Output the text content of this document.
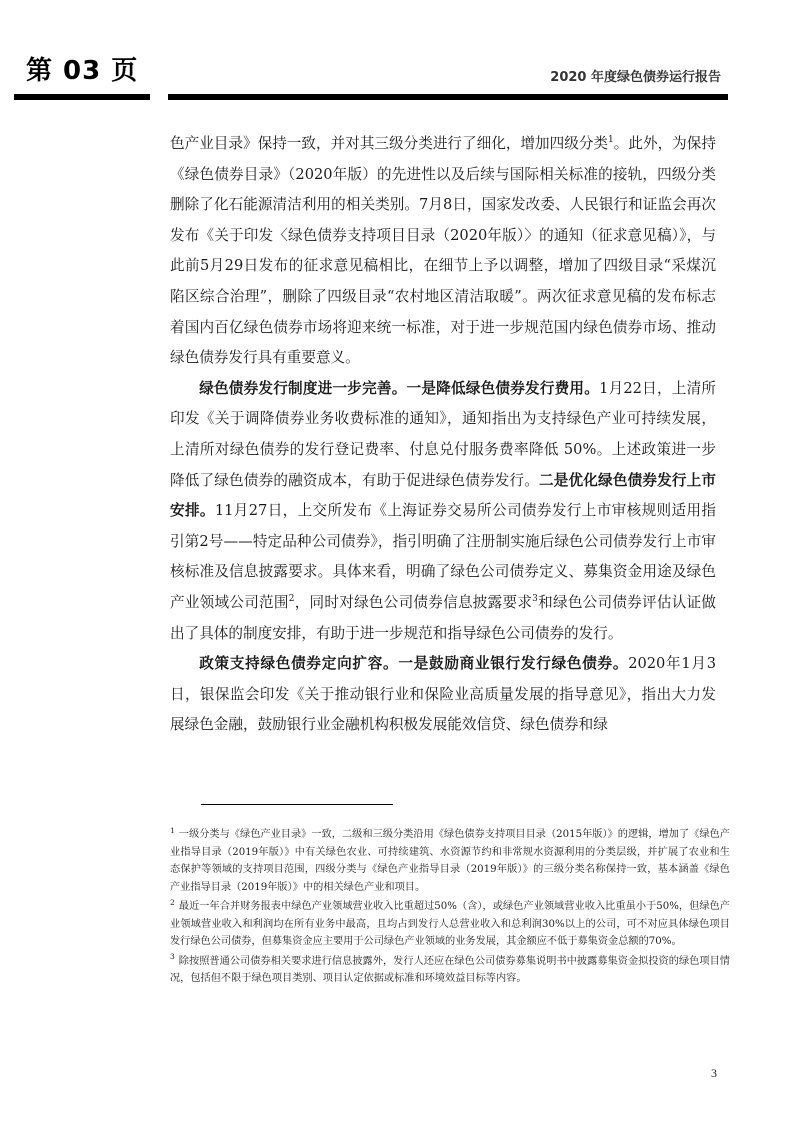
第 03 页	2020 年度绿色债券运行报告

色产业目录》保持一致，并对其三级分类进行了细化，增加四级分类$^1$。此外，为保持《绿色债券目录》（2020年版）的先进性以及后续与国际相关标准的接轨，四级分类删除了化石能源清洁利用的相关类别。7月8日，国家发改委、人民银行和证监会再次发布《关于印发〈绿色债券支持项目目录（2020年版）〉的通知（征求意见稿）》，与此前5月29日发布的征求意见稿相比，在细节上予以调整，增加了四级目录“采煤沉陷区综合治理”，删除了四级目录“农村地区清洁取暖”。两次征求意见稿的发布标志着国内百亿绿色债券市场将迎来统一标准，对于进一步规范国内绿色债券市场、推动绿色债券发行具有重要意义。

绿色债券发行制度进一步完善。一是降低绿色债券发行费用。1月22日，上清所印发《关于调降债券业务收费标准的通知》，通知指出为支持绿色产业可持续发展，上清所对绿色债券的发行登记费率、付息兑付服务费率降低 50%。上述政策进一步降低了绿色债券的融资成本，有助于促进绿色债券发行。二是优化绿色债券发行上市安排。11月27日，上交所发布《上海证券交易所公司债券发行上市审核规则适用指引第2号——特定品种公司债券》，指引明确了注册制实施后绿色公司债券发行上市审核标准及信息披露要求。具体来看，明确了绿色公司债券定义、募集资金用途及绿色产业领域公司范围$^2$，同时对绿色公司债券信息披露要求$^3$和绿色公司债券评估认证做出了具体的制度安排，有助于进一步规范和指导绿色公司债券的发行。

政策支持绿色债券定向扩容。一是鼓励商业银行发行绿色债券。2020年1月3日，银保监会印发《关于推动银行业和保险业高质量发展的指导意见》，指出大力发展绿色金融，鼓励银行业金融机构积极发展能效信贷、绿色债券和绿

$^1$ 一级分类与《绿色产业目录》一致，二级和三级分类沿用《绿色债券支持项目目录（2015年版）》的逻辑，增加了《绿色产业指导目录（2019年版）》中有关绿色农业、可持续建筑、水资源节约和非常规水资源利用的分类层级，并扩展了农业和生态保护等领域的支持项目范围，四级分类与《绿色产业指导目录（2019年版）》的三级分类名称保持一致，基本涵盖《绿色产业指导目录（2019年版）》中的相关绿色产业和项目。
$^2$ 最近一年合并财务报表中绿色产业领域营业收入比重超过50%（含），或绿色产业领域营业收入比重虽小于50%，但绿色产业领域营业收入和利润均在所有业务中最高，且均占到发行人总营业收入和总利润30%以上的公司，可不对应具体绿色项目发行绿色公司债券，但募集资金应主要用于公司绿色产业领域的业务发展，其金额应不低于募集资金总额的70%。
$^3$ 除按照普通公司债券相关要求进行信息披露外，发行人还应在绿色公司债券募集说明书中披露募集资金拟投资的绿色项目情况，包括但不限于绿色项目类别、项目认定依据或标准和环境效益目标等内容。
3
